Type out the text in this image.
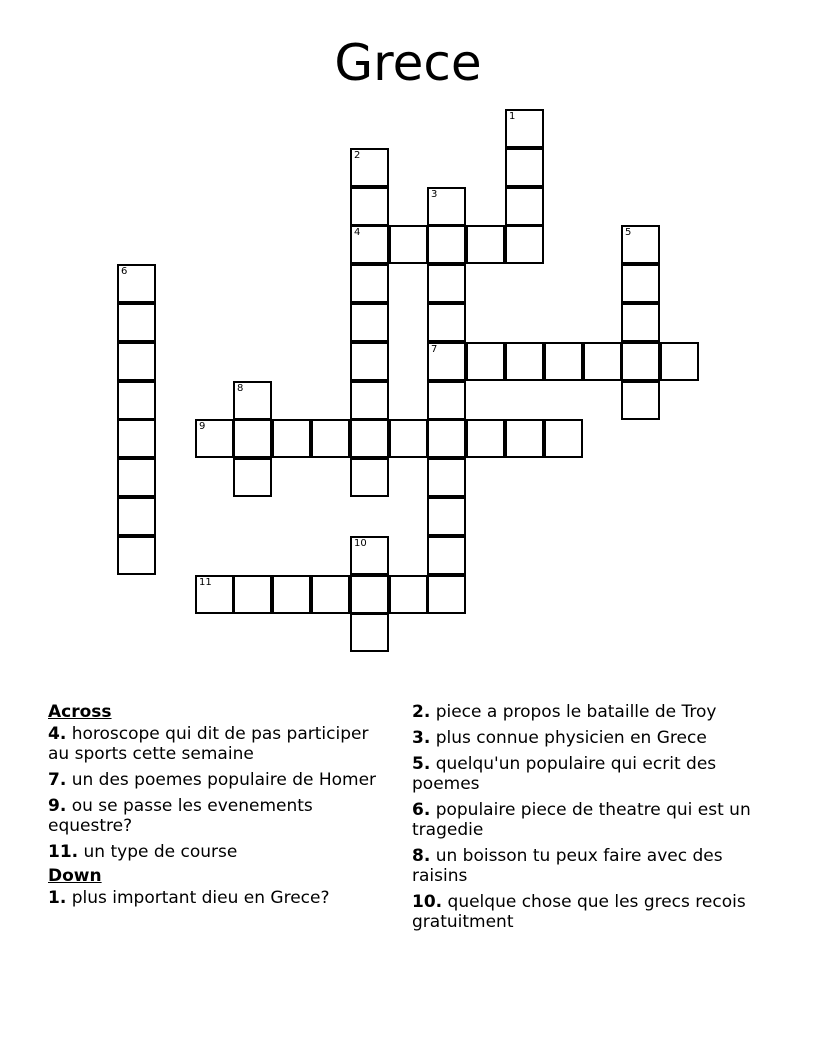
Grece
1
2
4
3
7
5
6
8
9
10
11
Across
4. horoscope qui dit de pas participer au sports cette semaine
7. un des poemes populaire de Homer
9. ou se passe les evenements equestre?
11. un type de course
Down
1. plus important dieu en Grece?
2. piece a propos le bataille de Troy
3. plus connue physicien en Grece
5. quelqu'un populaire qui ecrit des poemes
6. populaire piece de theatre qui est un tragedie
8. un boisson tu peux faire avec des raisins
10. quelque chose que les grecs recois gratuitment
